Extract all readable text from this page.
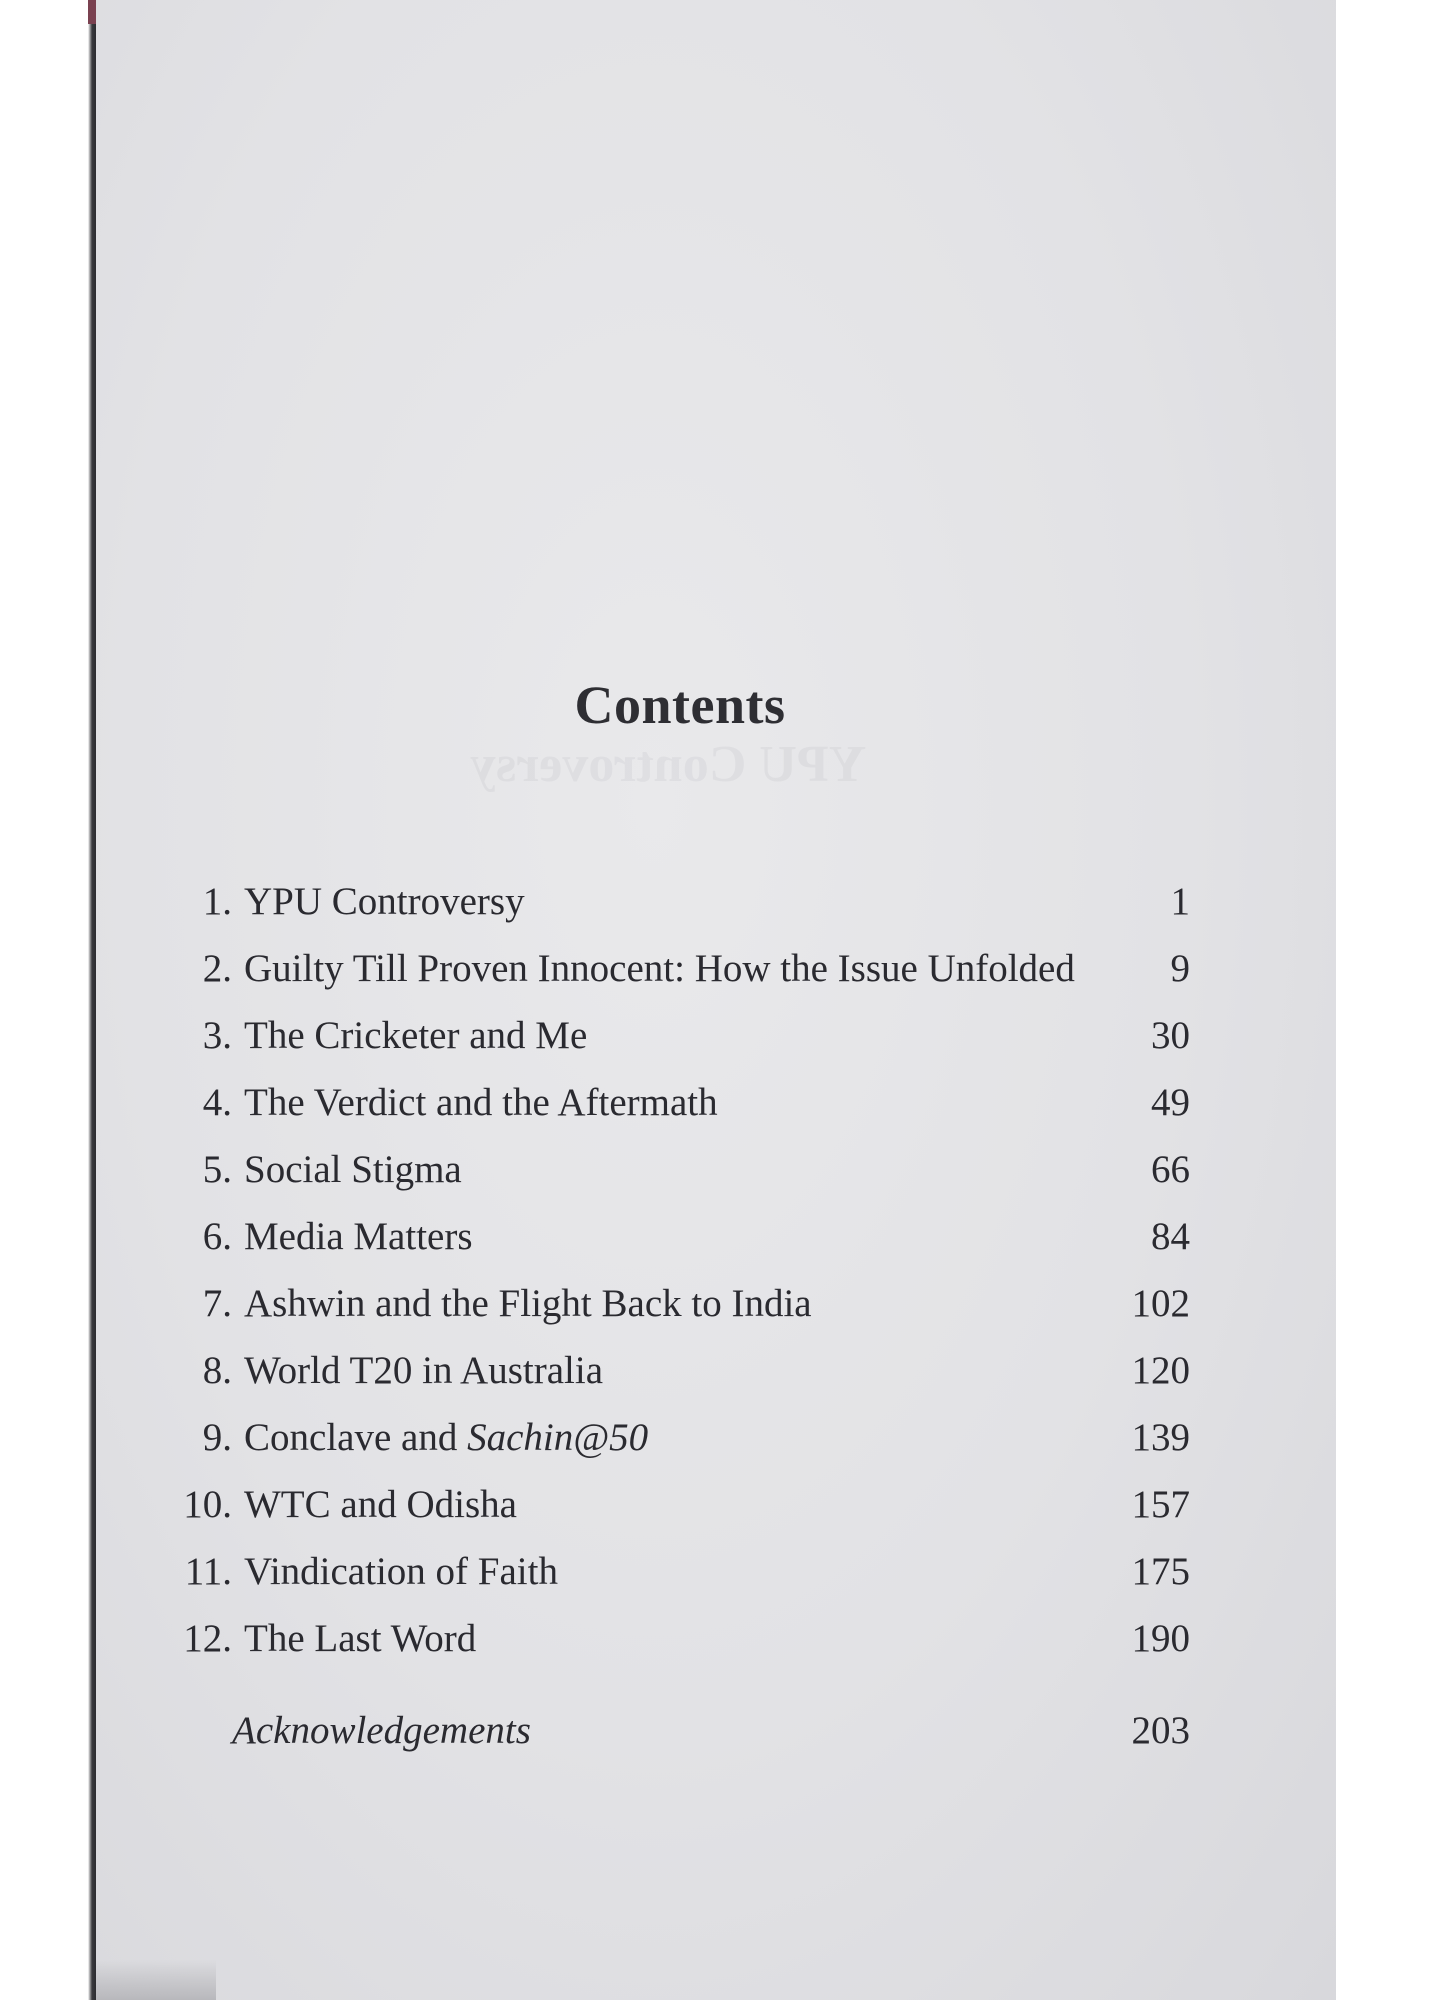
YPU Controversy
Contents
1. YPU Controversy	1
2. Guilty Till Proven Innocent: How the Issue Unfolded 9
3. The Cricketer and Me	30
4. The Verdict and the Aftermath	49
5. Social Stigma	66
6. Media Matters	84
7. Ashwin and the Flight Back to India	102
8. World T20 in Australia	120
9. Conclave and Sachin@50	139
10. WTC and Odisha	157
11. Vindication of Faith	175
12. The Last Word	190
Acknowledgements	203
